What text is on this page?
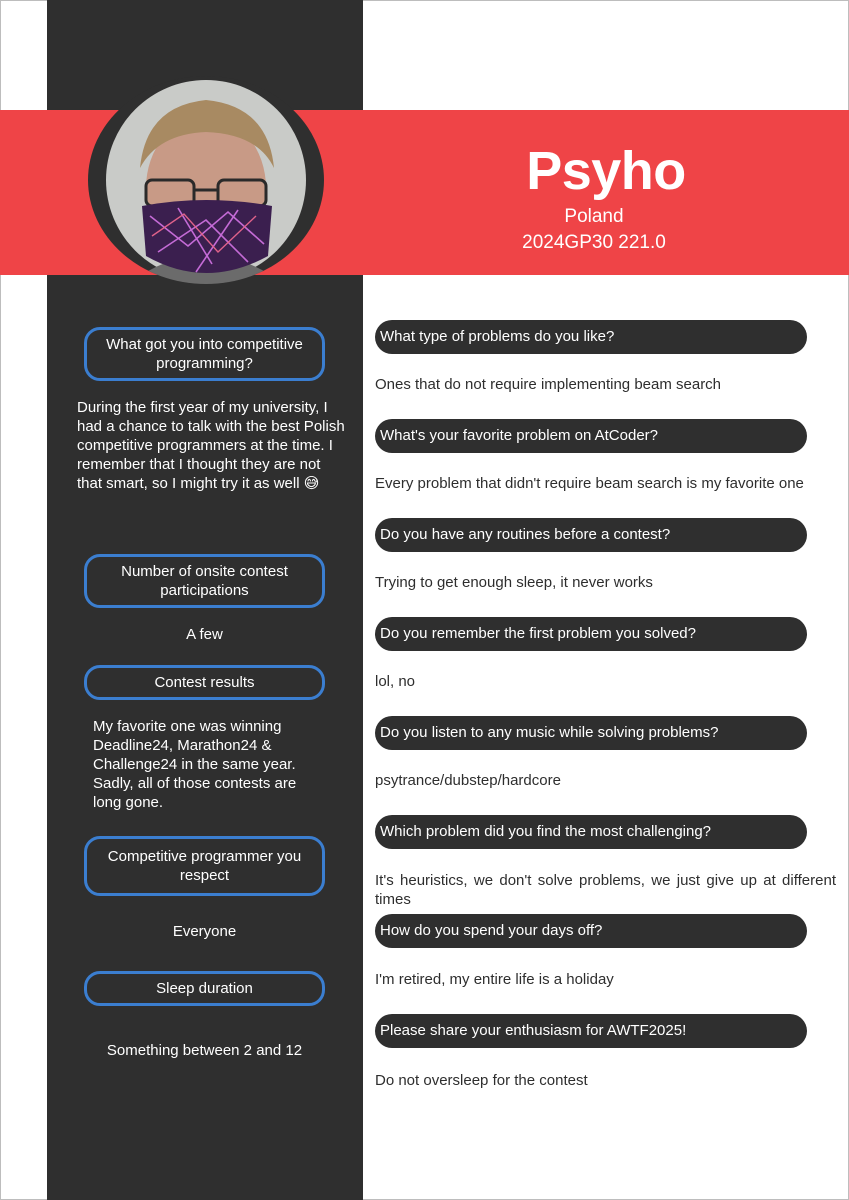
Psyho
Poland
2024GP30 221.0
What got you into competitive programming?
During the first year of my university, I had a chance to talk with the best Polish competitive programmers at the time. I remember that I thought they are not that smart, so I might try it as well 😅
Number of onsite contest participations
A few
Contest results
My favorite one was winning Deadline24, Marathon24 & Challenge24 in the same year. Sadly, all of those contests are long gone.
Competitive programmer you respect
Everyone
Sleep duration
Something between 2 and 12
What type of problems do you like?
Ones that do not require implementing beam search
What's your favorite problem on AtCoder?
Every problem that didn't require beam search is my favorite one
Do you have any routines before a contest?
Trying to get enough sleep, it never works
Do you remember the first problem you solved?
lol, no
Do you listen to any music while solving problems?
psytrance/dubstep/hardcore
Which problem did you find the most challenging?
It's heuristics, we don't solve problems, we just give up at different times
How do you spend your days off?
I'm retired, my entire life is a holiday
Please share your enthusiasm for AWTF2025!
Do not oversleep for the contest
